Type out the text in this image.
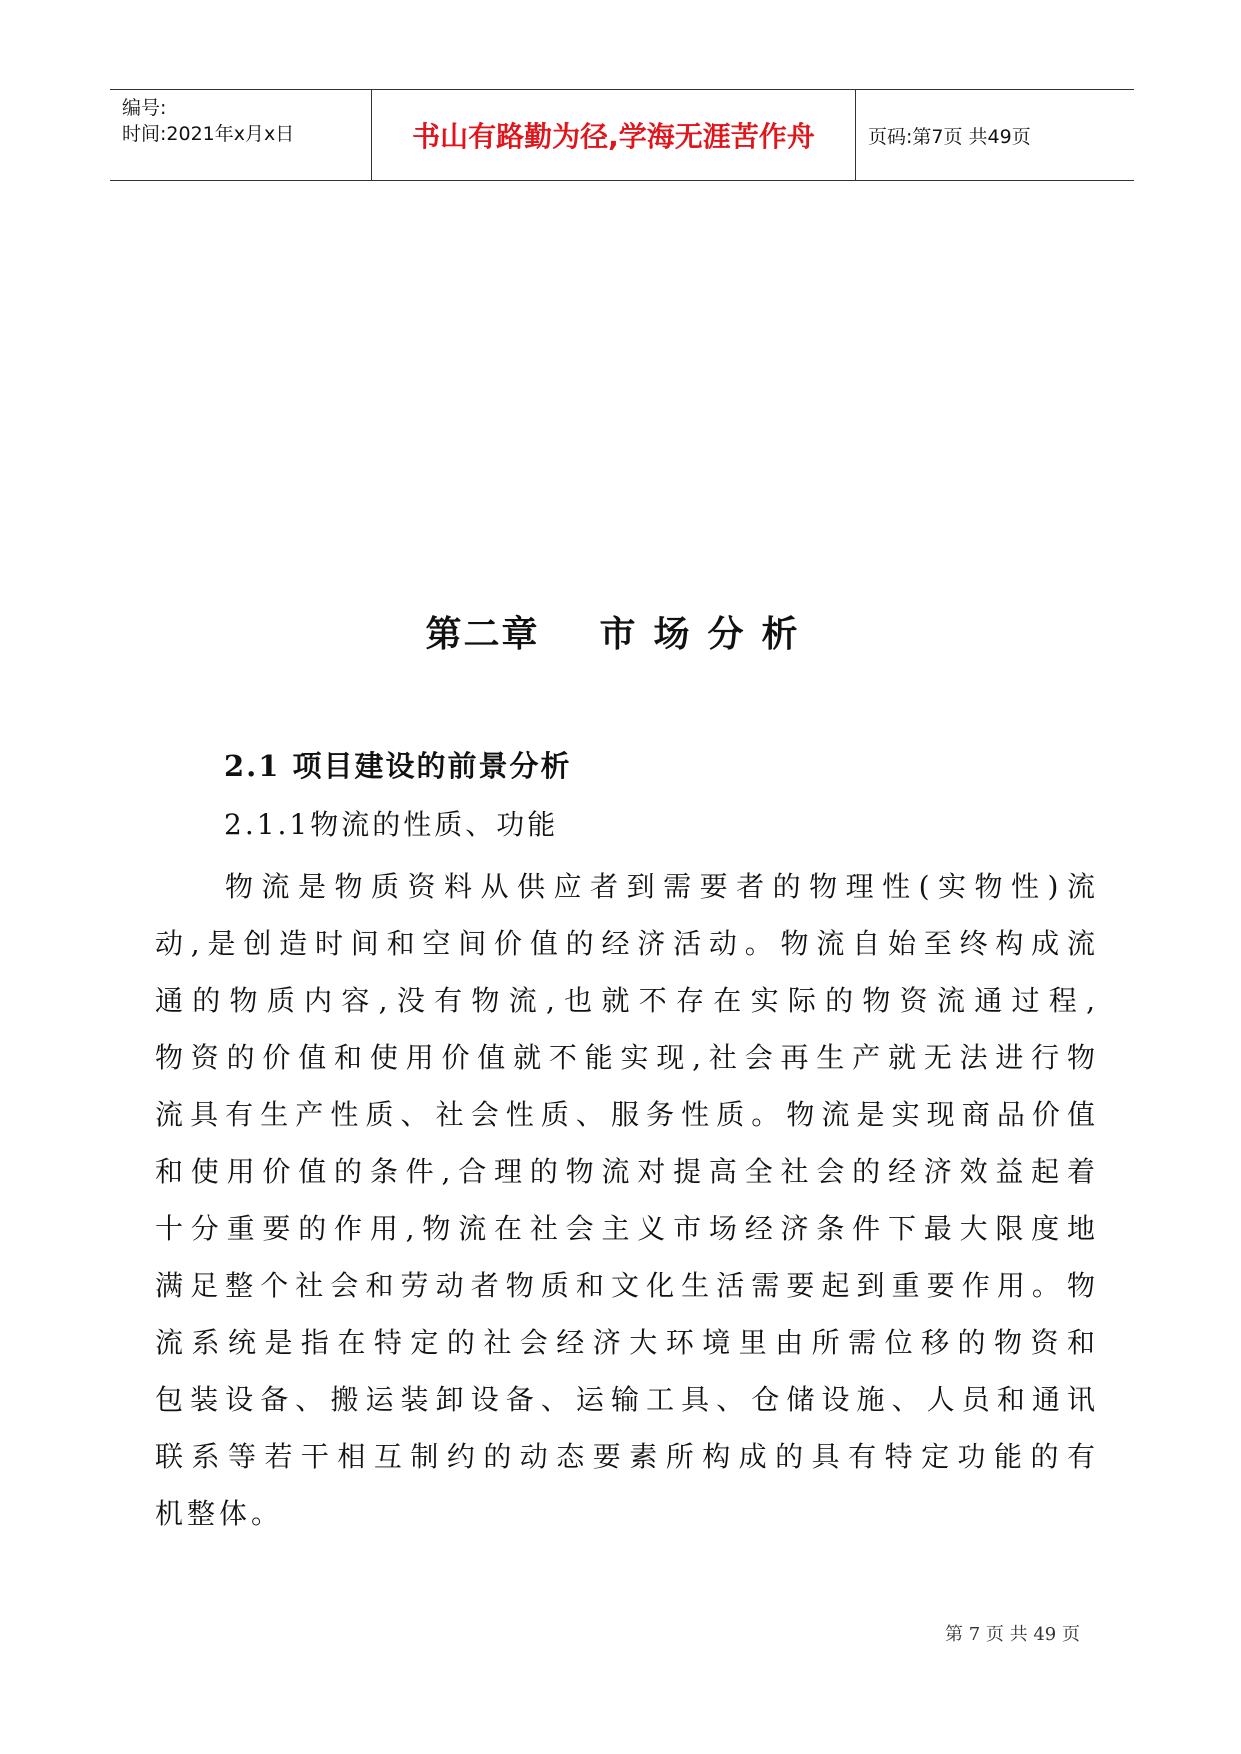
编号:
时间:2021年x月x日	书山有路勤为径,学海无涯苦作舟	页码:第7页 共49页
第二章 市场分析
2.1 项目建设的前景分析
2.1.1物流的性质、功能
物流是物质资料从供应者到需要者的物理性(实物性)流
动,是创造时间和空间价值的经济活动。物流自始至终构成流
通的物质内容,没有物流,也就不存在实际的物资流通过程,
物资的价值和使用价值就不能实现,社会再生产就无法进行物
流具有生产性质、社会性质、服务性质。物流是实现商品价值
和使用价值的条件,合理的物流对提高全社会的经济效益起着
十分重要的作用,物流在社会主义市场经济条件下最大限度地
满足整个社会和劳动者物质和文化生活需要起到重要作用。物
流系统是指在特定的社会经济大环境里由所需位移的物资和
包装设备、搬运装卸设备、运输工具、仓储设施、人员和通讯
联系等若干相互制约的动态要素所构成的具有特定功能的有
机整体。
第 7 页 共 49 页
